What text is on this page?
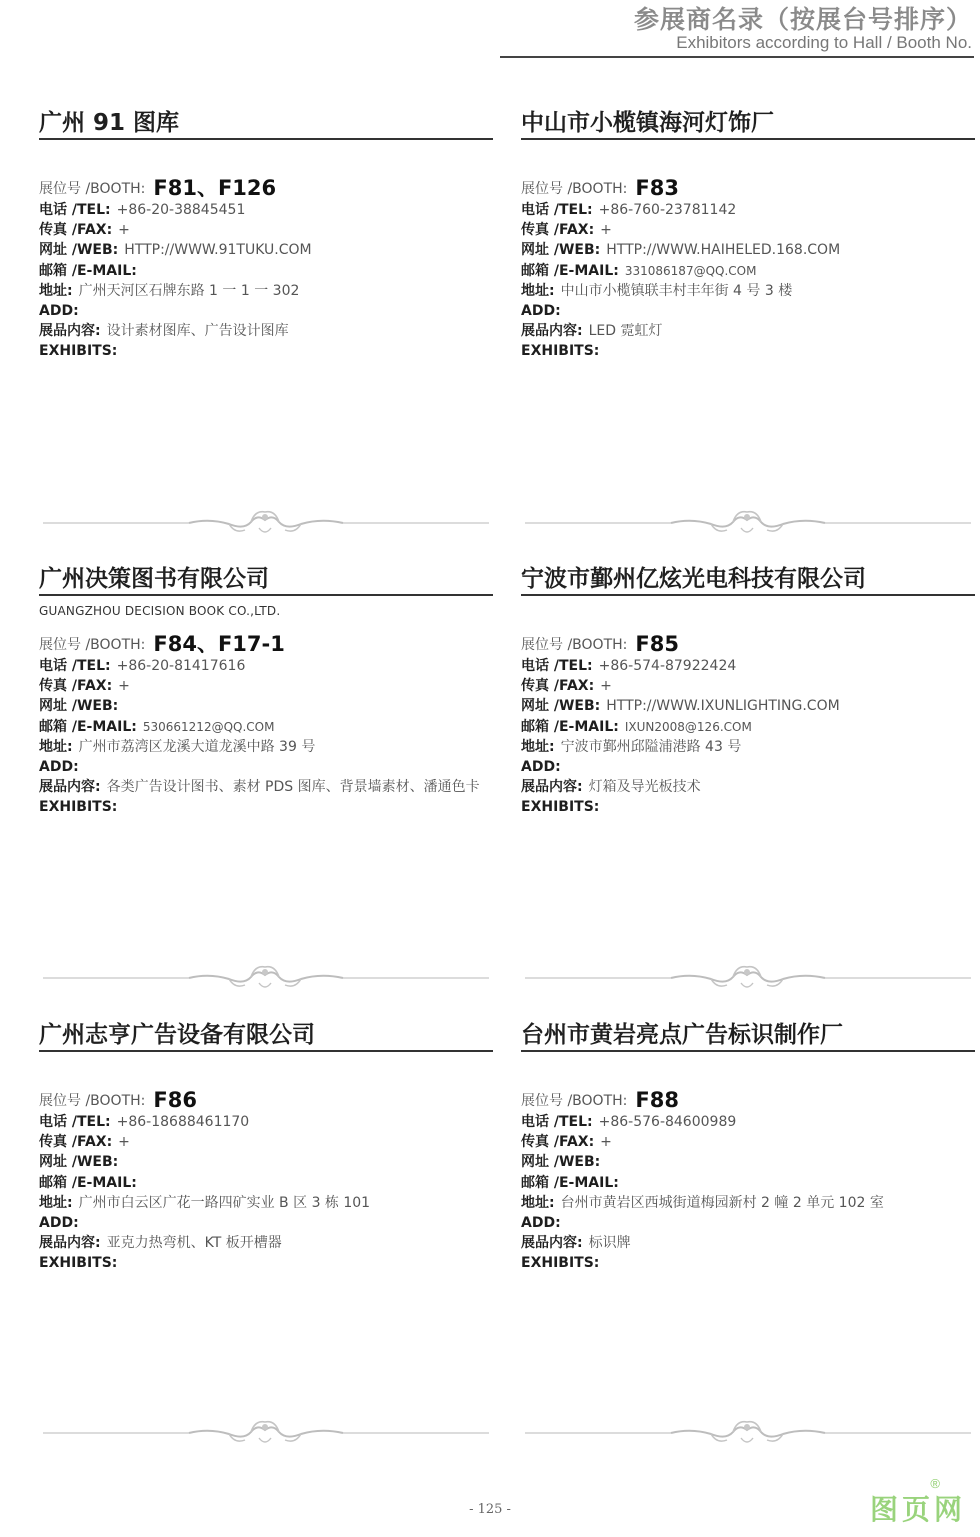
参展商名录（按展台号排序）
Exhibitors according to Hall / Booth No.
广州 91 图库
展位号 /BOOTH: F81、F126
电话 /TEL: +86-20-38845451
传真 /FAX: +
网址 /WEB: HTTP://WWW.91TUKU.COM
邮箱 /E-MAIL:
地址: 广州天河区石牌东路 1 一 1 一 302
ADD:
展品内容: 设计素材图库、广告设计图库
EXHIBITS:
中山市小榄镇海河灯饰厂
展位号 /BOOTH: F83
电话 /TEL: +86-760-23781142
传真 /FAX: +
网址 /WEB: HTTP://WWW.HAIHELED.168.COM
邮箱 /E-MAIL: 331086187@QQ.COM
地址: 中山市小榄镇联丰村丰年街 4 号 3 楼
ADD:
展品内容: LED 霓虹灯
EXHIBITS:
广州决策图书有限公司
GUANGZHOU DECISION BOOK CO.,LTD.
展位号 /BOOTH: F84、F17-1
电话 /TEL: +86-20-81417616
传真 /FAX: +
网址 /WEB:
邮箱 /E-MAIL: 530661212@QQ.COM
地址: 广州市荔湾区龙溪大道龙溪中路 39 号
ADD:
展品内容: 各类广告设计图书、素材 PDS 图库、背景墙素材、潘通色卡
EXHIBITS:
宁波市鄞州亿炫光电科技有限公司
展位号 /BOOTH: F85
电话 /TEL: +86-574-87922424
传真 /FAX: +
网址 /WEB: HTTP://WWW.IXUNLIGHTING.COM
邮箱 /E-MAIL: IXUN2008@126.COM
地址: 宁波市鄞州邱隘浦港路 43 号
ADD:
展品内容: 灯箱及导光板技术
EXHIBITS:
广州志亨广告设备有限公司
展位号 /BOOTH: F86
电话 /TEL: +86-18688461170
传真 /FAX: +
网址 /WEB:
邮箱 /E-MAIL:
地址: 广州市白云区广花一路四矿实业 B 区 3 栋 101
ADD:
展品内容: 亚克力热弯机、KT 板开槽器
EXHIBITS:
台州市黄岩亮点广告标识制作厂
展位号 /BOOTH: F88
电话 /TEL: +86-576-84600989
传真 /FAX: +
网址 /WEB:
邮箱 /E-MAIL:
地址: 台州市黄岩区西城街道梅园新村 2 幢 2 单元 102 室
ADD:
展品内容: 标识牌
EXHIBITS:
- 125 -
®
图页网
